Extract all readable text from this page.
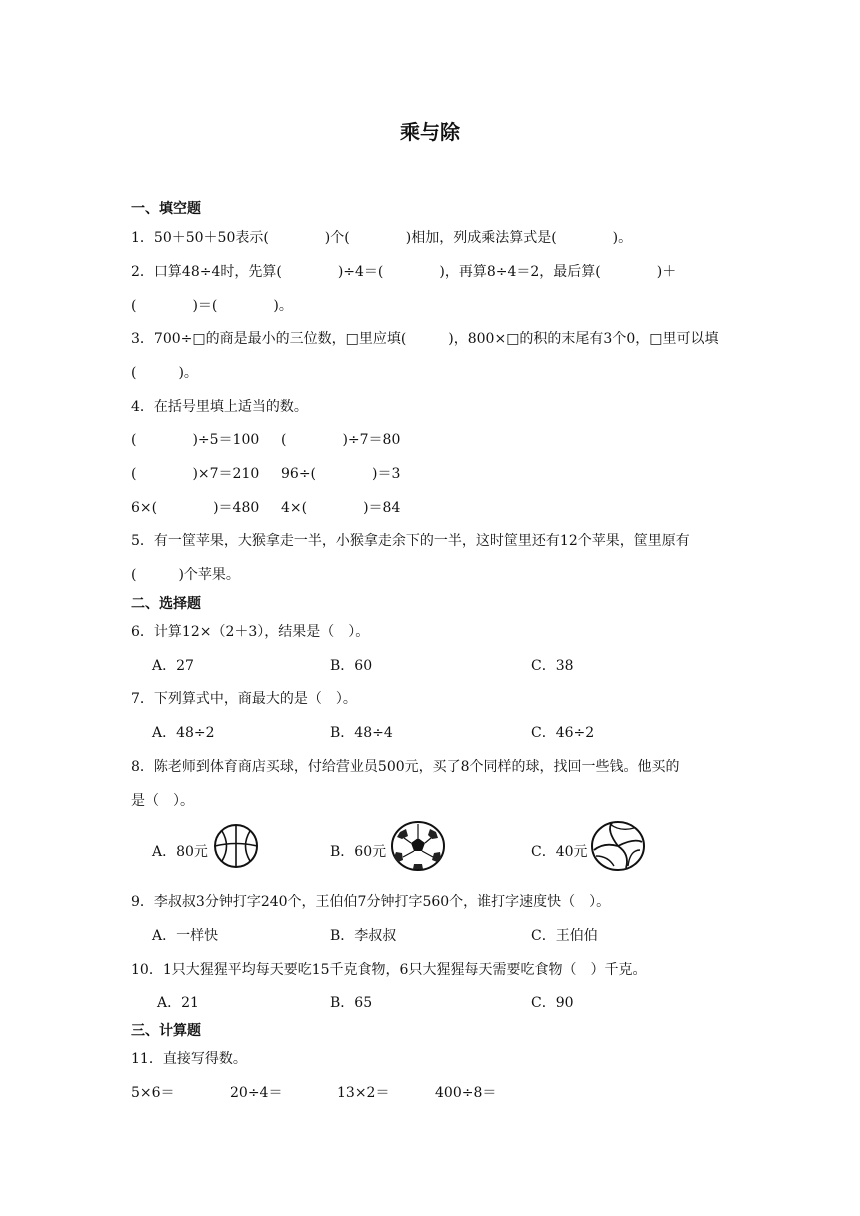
乘与除
一、填空题
1．50＋50＋50表示(　　　　)个(　　　　)相加，列成乘法算式是(　　　　)。
2．口算48÷4时，先算(　　　　)÷4＝(　　　　)，再算8÷4＝2，最后算(　　　　)＋
(　　　　)＝(　　　　)。
3．700÷□的商是最小的三位数，□里应填(　　　)，800×□的积的末尾有3个0，□里可以填
(　　　)。
4．在括号里填上适当的数。
(　　　　)÷5＝100 (　　　　)÷7＝80
(　　　　)×7＝210 96÷(　　　　)＝3
6×(　　　　)＝480 4×(　　　　)＝84
5．有一筐苹果，大猴拿走一半，小猴拿走余下的一半，这时筐里还有12个苹果，筐里原有
(　　　)个苹果。
二、选择题
6．计算12×（2＋3），结果是（　）。
A．27	B．60	C．38
7．下列算式中，商最大的是（　）。
A．48÷2	B．48÷4	C．46÷2
8．陈老师到体育商店买球，付给营业员500元，买了8个同样的球，找回一些钱。他买的
是（　）。
A．80元	B．60元	C．40元
9．李叔叔3分钟打字240个，王伯伯7分钟打字560个，谁打字速度快（　）。
A．一样快	B．李叔叔	C．王伯伯
10．1只大猩猩平均每天要吃15千克食物，6只大猩猩每天需要吃食物（　）千克。
A．21	B．65	C．90
三、计算题
11．直接写得数。
5×6＝	20÷4＝	13×2＝	400÷8＝
